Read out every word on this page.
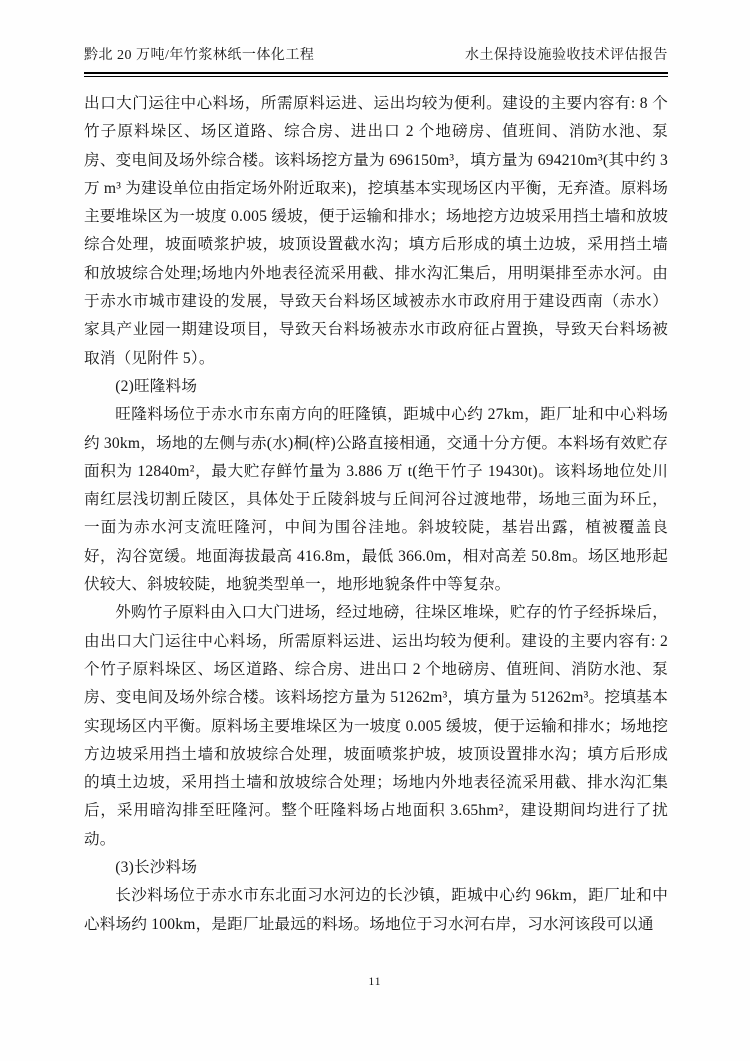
黔北 20 万吨/年竹浆林纸一体化工程	水土保持设施验收技术评估报告

出口大门运往中心料场，所需原料运进、运出均较为便利。建设的主要内容有: 8 个竹子原料垛区、场区道路、综合房、进出口 2 个地磅房、值班间、消防水池、泵房、变电间及场外综合楼。该料场挖方量为 696150m³，填方量为 694210m³(其中约 3 万 m³ 为建设单位由指定场外附近取来)，挖填基本实现场区内平衡，无弃渣。原料场主要堆垛区为一坡度 0.005 缓坡，便于运输和排水；场地挖方边坡采用挡土墙和放坡综合处理，坡面喷浆护坡，坡顶设置截水沟；填方后形成的填土边坡，采用挡土墙和放坡综合处理;场地内外地表径流采用截、排水沟汇集后，用明渠排至赤水河。由于赤水市城市建设的发展，导致天台料场区域被赤水市政府用于建设西南（赤水）家具产业园一期建设项目，导致天台料场被赤水市政府征占置换，导致天台料场被取消（见附件 5）。

(2)旺隆料场

旺隆料场位于赤水市东南方向的旺隆镇，距城中心约 27km，距厂址和中心料场约 30km，场地的左侧与赤(水)桐(梓)公路直接相通，交通十分方便。本料场有效贮存面积为 12840m²，最大贮存鲜竹量为 3.886 万 t(绝干竹子 19430t)。该料场地位处川南红层浅切割丘陵区，具体处于丘陵斜坡与丘间河谷过渡地带，场地三面为环丘，一面为赤水河支流旺隆河，中间为围谷洼地。斜坡较陡，基岩出露，植被覆盖良好，沟谷宽缓。地面海拔最高 416.8m，最低 366.0m，相对高差 50.8m。场区地形起伏较大、斜坡较陡，地貌类型单一，地形地貌条件中等复杂。

外购竹子原料由入口大门进场，经过地磅，往垛区堆垛，贮存的竹子经拆垛后，由出口大门运往中心料场，所需原料运进、运出均较为便利。建设的主要内容有: 2 个竹子原料垛区、场区道路、综合房、进出口 2 个地磅房、值班间、消防水池、泵房、变电间及场外综合楼。该料场挖方量为 51262m³，填方量为 51262m³。挖填基本实现场区内平衡。原料场主要堆垛区为一坡度 0.005 缓坡，便于运输和排水；场地挖方边坡采用挡土墙和放坡综合处理，坡面喷浆护坡，坡顶设置排水沟；填方后形成的填土边坡，采用挡土墙和放坡综合处理；场地内外地表径流采用截、排水沟汇集后，采用暗沟排至旺隆河。整个旺隆料场占地面积 3.65hm²，建设期间均进行了扰动。

(3)长沙料场

长沙料场位于赤水市东北面习水河边的长沙镇，距城中心约 96km，距厂址和中心料场约 100km，是距厂址最远的料场。场地位于习水河右岸，习水河该段可以通

11
